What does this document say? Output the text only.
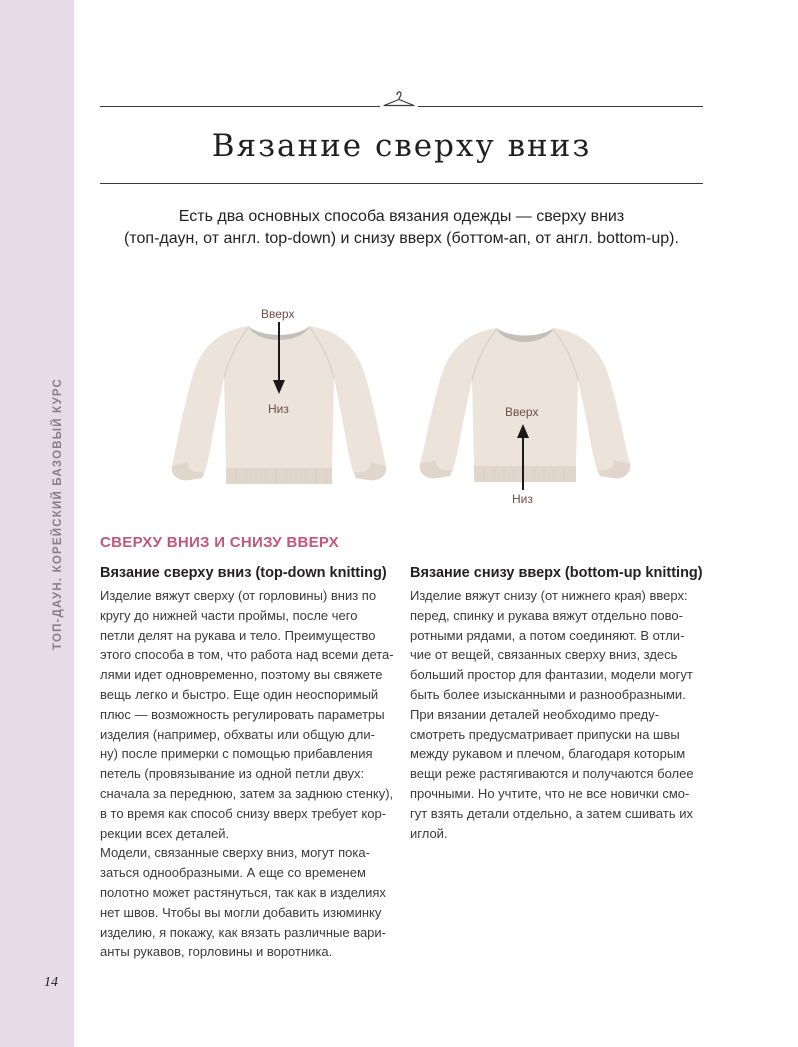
ТОП-ДАУН. КОРЕЙСКИЙ БАЗОВЫЙ КУРС
14
Вязание сверху вниз
Есть два основных способа вязания одежды — сверху вниз
(топ-даун, от англ. top-down) и снизу вверх (боттом-ап, от англ. bottom-up).
Вверх
Низ	Вверх
Низ
СВЕРХУ ВНИЗ И СНИЗУ ВВЕРХ
Вязание сверху вниз (top-down knitting)
Изделие вяжут сверху (от горловины) вниз по
кругу до нижней части проймы, после чего
петли делят на рукава и тело. Преимущество
этого способа в том, что работа над всеми дета-
лями идет одновременно, поэтому вы свяжете
вещь легко и быстро. Еще один неоспоримый
плюс — возможность регулировать параметры
изделия (например, обхваты или общую дли-
ну) после примерки с помощью прибавления
петель (провязывание из одной петли двух:
сначала за переднюю, затем за заднюю стенку),
в то время как способ снизу вверх требует кор-
рекции всех деталей.
Модели, связанные сверху вниз, могут пока-
заться однообразными. А еще со временем
полотно может растянуться, так как в изделиях
нет швов. Чтобы вы могли добавить изюминку
изделию, я покажу, как вязать различные вари-
анты рукавов, горловины и воротника.
Вязание снизу вверх (bottom-up knitting)
Изделие вяжут снизу (от нижнего края) вверх:
перед, спинку и рукава вяжут отдельно пово-
ротными рядами, а потом соединяют. В отли-
чие от вещей, связанных сверху вниз, здесь
больший простор для фантазии, модели могут
быть более изысканными и разнообразными.
При вязании деталей необходимо преду-
смотреть предусматривает припуски на швы
между рукавом и плечом, благодаря которым
вещи реже растягиваются и получаются более
прочными. Но учтите, что не все новички смо-
гут взять детали отдельно, а затем сшивать их
иглой.
